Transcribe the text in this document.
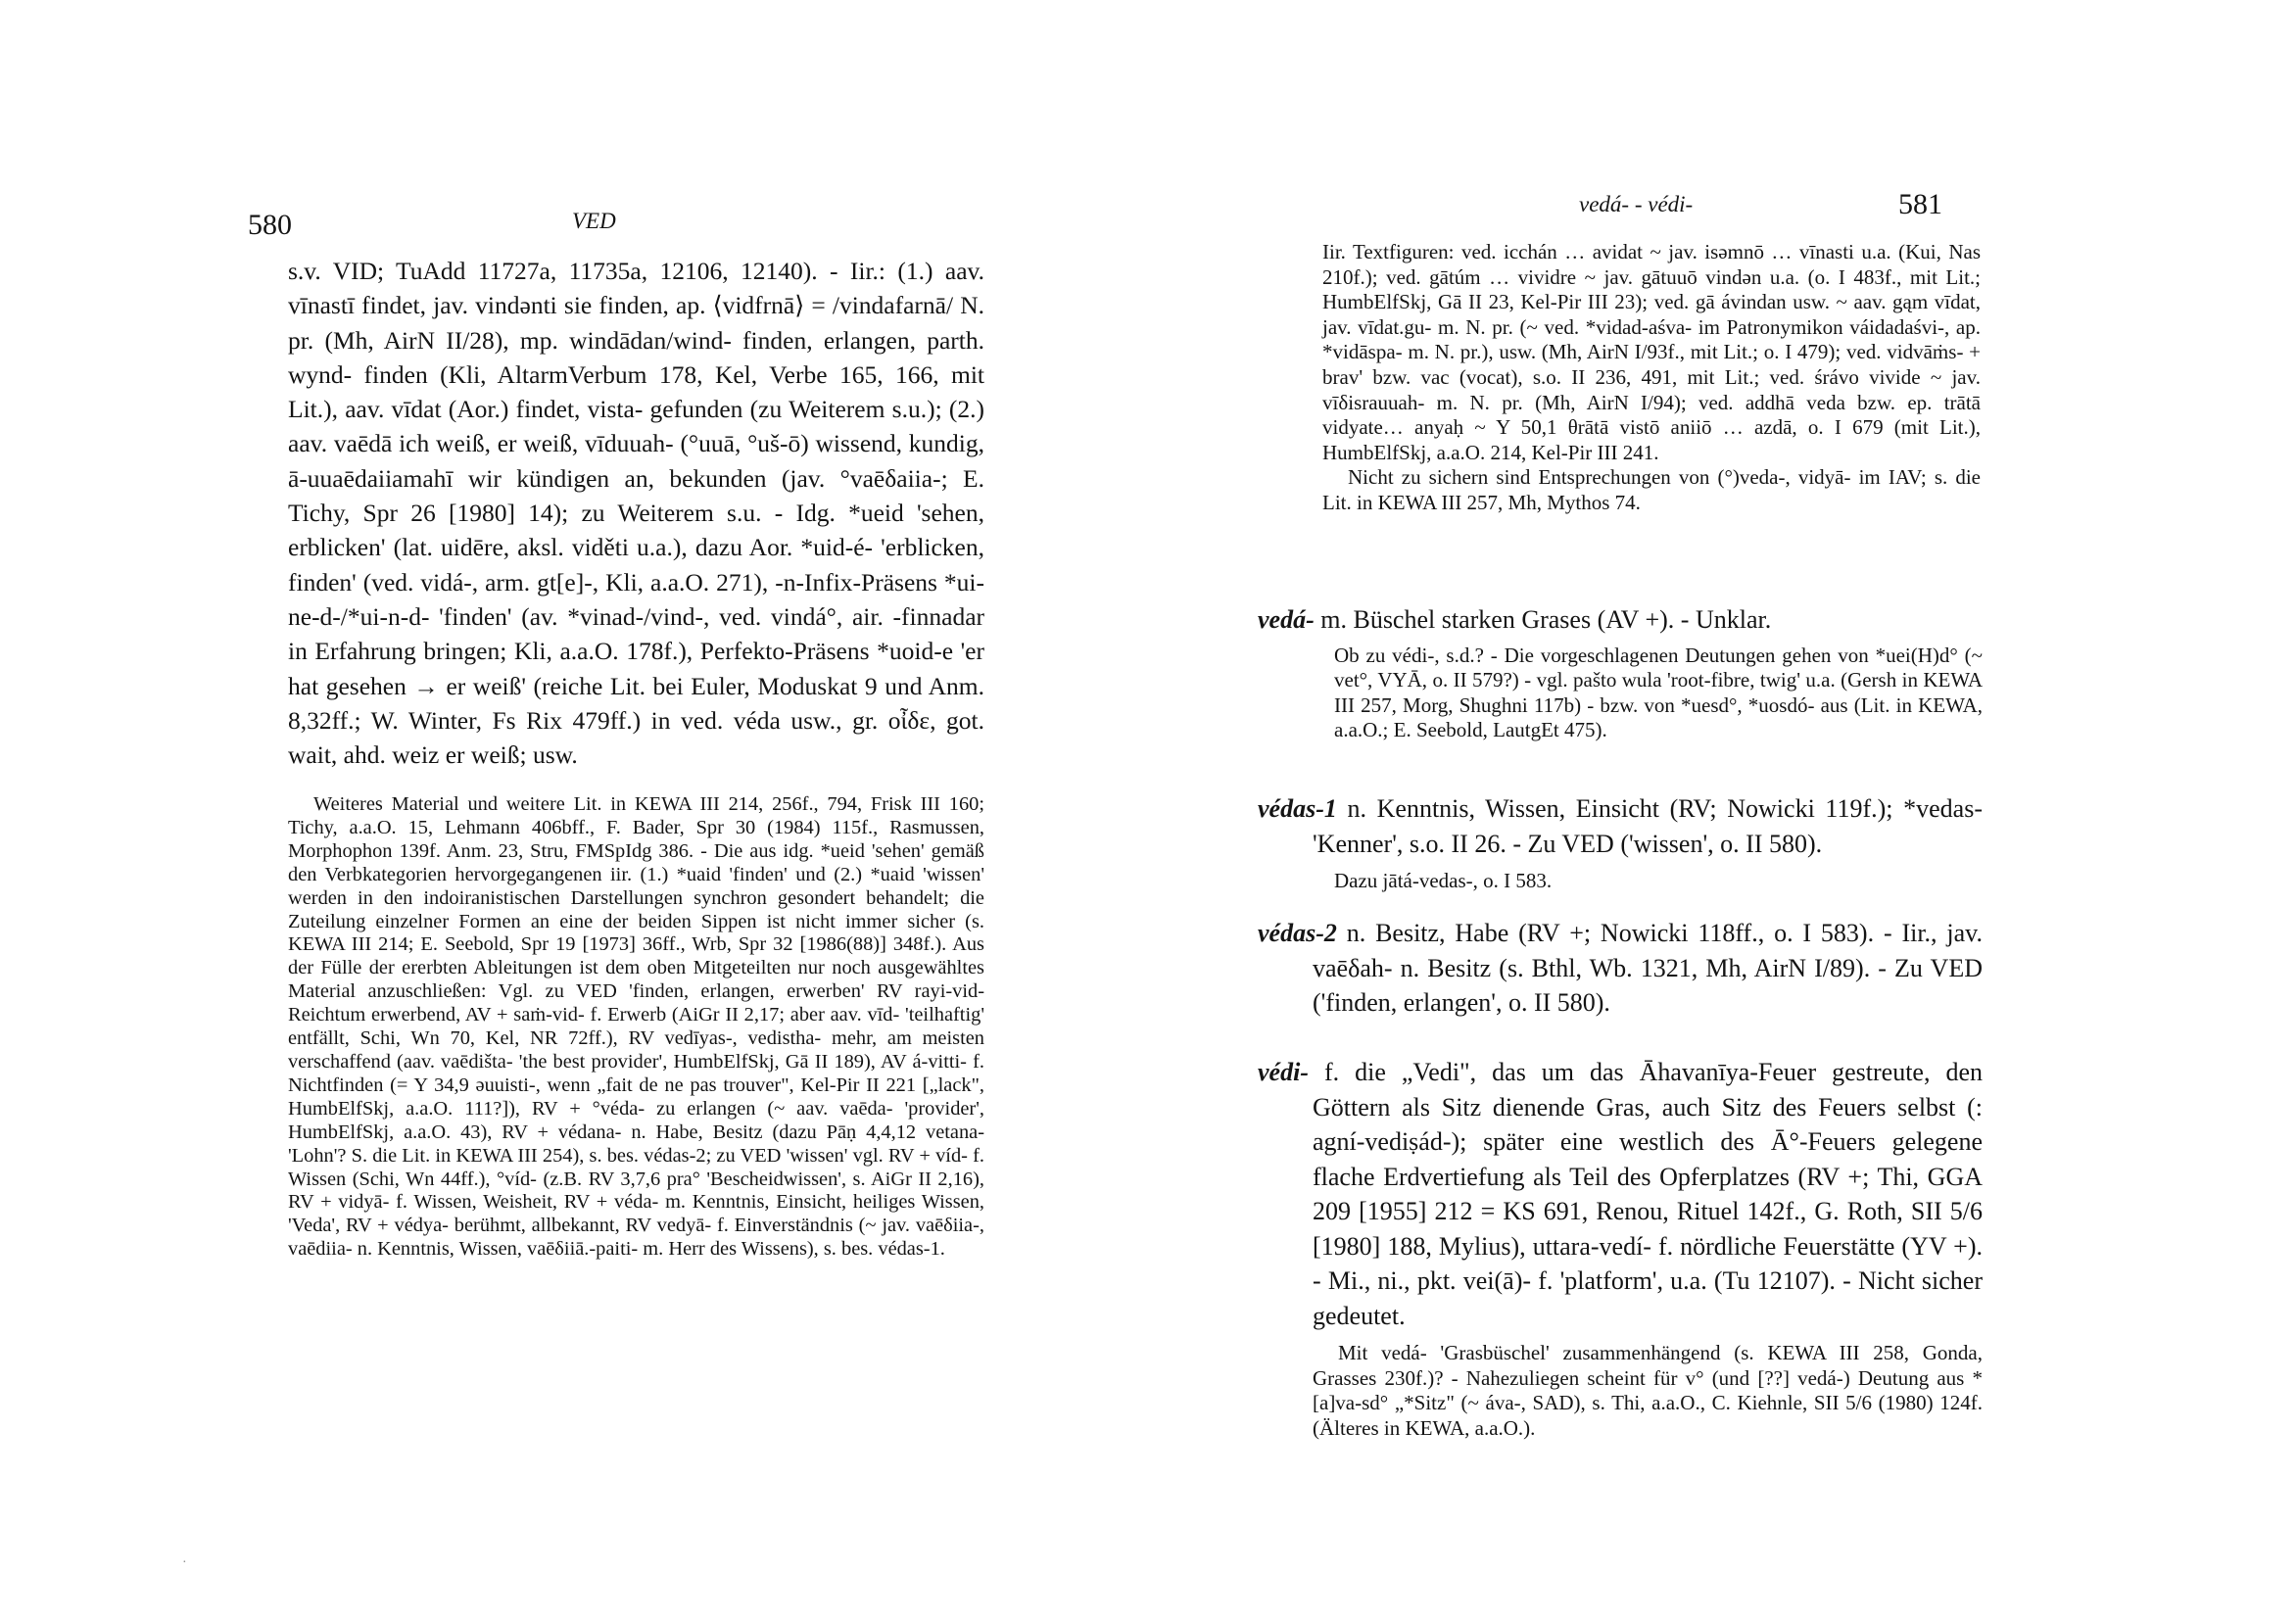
580	VED

s.v. VID; TuAdd 11727a, 11735a, 12106, 12140). - Iir.: (1.) aav. vīnastī findet, jav. vindǝnti sie finden, ap. ⟨vidfrnā⟩ = /vindafarnā/ N. pr. (Mh, AirN II/28), mp. windādan/wind- finden, erlangen, parth. wynd- finden (Kli, AltarmVerbum 178, Kel, Verbe 165, 166, mit Lit.), aav. vīdat (Aor.) findet, vista- gefunden (zu Weiterem s.u.); (2.) aav. vaēdā ich weiß, er weiß, vīduuah- (°uuā, °uš-ō) wissend, kundig, ā-uuaēdaiiamahī wir kündigen an, bekunden (jav. °vaēδaiia-; E. Tichy, Spr 26 [1980] 14); zu Weiterem s.u. - Idg. *ueid 'sehen, erblicken' (lat. uidēre, aksl. viděti u.a.), dazu Aor. *uid-é- 'erblicken, finden' (ved. vidá-, arm. gt[e]-, Kli, a.a.O. 271), -n-Infix-Präsens *ui-ne-d-/*ui-n-d- 'finden' (av. *vinad-/vind-, ved. vindá°, air. -finnadar in Erfahrung bringen; Kli, a.a.O. 178f.), Perfekto-Präsens *uoid-e 'er hat gesehen → er weiß' (reiche Lit. bei Euler, Moduskat 9 und Anm. 8,32ff.; W. Winter, Fs Rix 479ff.) in ved. véda usw., gr. οἶδε, got. wait, ahd. weiz er weiß; usw.

Weiteres Material und weitere Lit. in KEWA III 214, 256f., 794, Frisk III 160; Tichy, a.a.O. 15, Lehmann 406bff., F. Bader, Spr 30 (1984) 115f., Rasmussen, Morphophon 139f. Anm. 23, Stru, FMSpIdg 386. - Die aus idg. *ueid 'sehen' gemäß den Verbkategorien hervorgegangenen iir. (1.) *uaid 'finden' und (2.) *uaid 'wissen' werden in den indoiranistischen Darstellungen synchron gesondert behandelt; die Zuteilung einzelner Formen an eine der beiden Sippen ist nicht immer sicher (s. KEWA III 214; E. Seebold, Spr 19 [1973] 36ff., Wrb, Spr 32 [1986(88)] 348f.). Aus der Fülle der ererbten Ableitungen ist dem oben Mitgeteilten nur noch ausgewähltes Material anzuschließen: Vgl. zu VED 'finden, erlangen, erwerben' RV rayi-vid- Reichtum erwerbend, AV + saṁ-vid- f. Erwerb (AiGr II 2,17; aber aav. vīd- 'teilhaftig' entfällt, Schi, Wn 70, Kel, NR 72ff.), RV vedīyas-, vedistha- mehr, am meisten verschaffend (aav. vaēdišta- 'the best provider', HumbElfSkj, Gā II 189), AV á-vitti- f. Nichtfinden (= Y 34,9 ǝuuisti-, wenn „fait de ne pas trouver", Kel-Pir II 221 [„lack", HumbElfSkj, a.a.O. 111?]), RV + °véda- zu erlangen (~ aav. vaēda- 'provider', HumbElfSkj, a.a.O. 43), RV + védana- n. Habe, Besitz (dazu Pāṇ 4,4,12 vetana- 'Lohn'? S. die Lit. in KEWA III 254), s. bes. védas-2; zu VED 'wissen' vgl. RV + víd- f. Wissen (Schi, Wn 44ff.), °víd- (z.B. RV 3,7,6 pra° 'Bescheidwissen', s. AiGr II 2,16), RV + vidyā- f. Wissen, Weisheit, RV + véda- m. Kenntnis, Einsicht, heiliges Wissen, 'Veda', RV + védya- berühmt, allbekannt, RV vedyā- f. Einverständnis (~ jav. vaēδiia-, vaēdiia- n. Kenntnis, Wissen, vaēδiiā.-paiti- m. Herr des Wissens), s. bes. védas-1.

vedá- - védi-	581

Iir. Textfiguren: ved. icchán … avidat ~ jav. isǝmnō … vīnasti u.a. (Kui, Nas 210f.); ved. gātúm … vividre ~ jav. gātuuō vindǝn u.a. (o. I 483f., mit Lit.; HumbElfSkj, Gā II 23, Kel-Pir III 23); ved. gā ávindan usw. ~ aav. gąm vīdat, jav. vīdat.gu- m. N. pr. (~ ved. *vidad-aśva- im Patronymikon váidadaśvi-, ap. *vidāspa- m. N. pr.), usw. (Mh, AirN I/93f., mit Lit.; o. I 479); ved. vidvāṁs- + brav' bzw. vac (vocat), s.o. II 236, 491, mit Lit.; ved. śrávo vivide ~ jav. vīδisrauuah- m. N. pr. (Mh, AirN I/94); ved. addhā veda bzw. ep. trātā vidyate… anyaḥ ~ Y 50,1 θrātā vistō aniiō … azdā, o. I 679 (mit Lit.), HumbElfSkj, a.a.O. 214, Kel-Pir III 241.

Nicht zu sichern sind Entsprechungen von (°)veda-, vidyā- im IAV; s. die Lit. in KEWA III 257, Mh, Mythos 74.

vedá- m. Büschel starken Grases (AV +). - Unklar.

Ob zu védi-, s.d.? - Die vorgeschlagenen Deutungen gehen von *uei(H)d° (~ vet°, VYĀ, o. II 579?) - vgl. pašto wula 'root-fibre, twig' u.a. (Gersh in KEWA III 257, Morg, Shughni 117b) - bzw. von *uesd°, *uosdó- aus (Lit. in KEWA, a.a.O.; E. Seebold, LautgEt 475).

védas-1 n. Kenntnis, Wissen, Einsicht (RV; Nowicki 119f.); *vedas- 'Kenner', s.o. II 26. - Zu VED ('wissen', o. II 580).

Dazu jātá-vedas-, o. I 583.

védas-2 n. Besitz, Habe (RV +; Nowicki 118ff., o. I 583). - Iir., jav. vaēδah- n. Besitz (s. Bthl, Wb. 1321, Mh, AirN I/89). - Zu VED ('finden, erlangen', o. II 580).

védi- f. die „Vedi", das um das Āhavanīya-Feuer gestreute, den Göttern als Sitz dienende Gras, auch Sitz des Feuers selbst (: agní-vediṣád-); später eine westlich des Ā°-Feuers gelegene flache Erdvertiefung als Teil des Opferplatzes (RV +; Thi, GGA 209 [1955] 212 = KS 691, Renou, Rituel 142f., G. Roth, SII 5/6 [1980] 188, Mylius), uttara-vedí- f. nördliche Feuerstätte (YV +). - Mi., ni., pkt. vei(ā)- f. 'platform', u.a. (Tu 12107). - Nicht sicher gedeutet.

Mit vedá- 'Grasbüschel' zusammenhängend (s. KEWA III 258, Gonda, Grasses 230f.)? - Nahezuliegen scheint für v° (und [??] vedá-) Deutung aus *[a]va-sd° „*Sitz" (~ áva-, SAD), s. Thi, a.a.O., C. Kiehnle, SII 5/6 (1980) 124f. (Älteres in KEWA, a.a.O.).

·
